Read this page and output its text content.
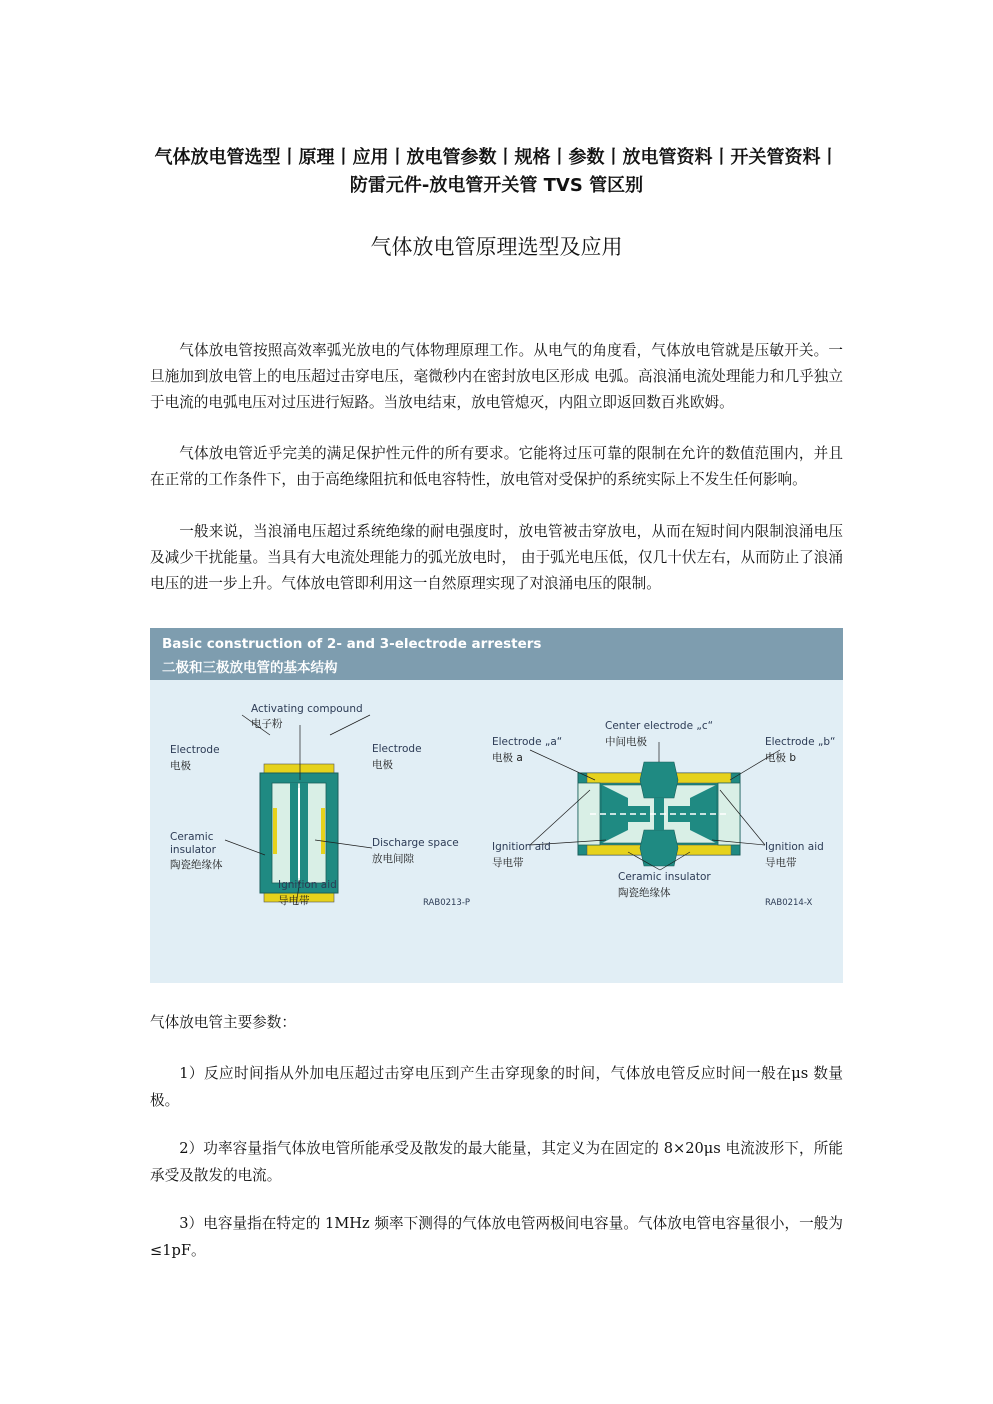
气体放电管选型丨原理丨应用丨放电管参数丨规格丨参数丨放电管资料丨开关管资料丨防雷元件-放电管开关管 TVS 管区别
气体放电管原理选型及应用

气体放电管按照高效率弧光放电的气体物理原理工作。从电气的角度看，气体放电管就是压敏开关。一旦施加到放电管上的电压超过击穿电压，毫微秒内在密封放电区形成 电弧。高浪涌电流处理能力和几乎独立于电流的电弧电压对过压进行短路。当放电结束，放电管熄灭，内阻立即返回数百兆欧姆。

气体放电管近乎完美的满足保护性元件的所有要求。它能将过压可靠的限制在允许的数值范围内，并且在正常的工作条件下，由于高绝缘阻抗和低电容特性，放电管对受保护的系统实际上不发生任何影响。

一般来说，当浪涌电压超过系统绝缘的耐电强度时，放电管被击穿放电，从而在短时间内限制浪涌电压及减少干扰能量。当具有大电流处理能力的弧光放电时， 由于弧光电压低，仅几十伏左右，从而防止了浪涌电压的进一步上升。气体放电管即利用这一自然原理实现了对浪涌电压的限制。

Basic construction of 2- and 3-electrode arresters
二极和三极放电管的基本结构
Activating compound
电子粉
Electrode
电极
Electrode
电极
Ceramic
insulator
陶瓷绝缘体
Discharge space
放电间隙
Ignition aid
导电带	RAB0213-P
Center electrode „c“
中间电极
Electrode „a“
电极 a
Electrode „b“
电极 b
Ignition aid
导电带
Ignition aid
导电带
Ceramic insulator
陶瓷绝缘体
RAB0214-X

气体放电管主要参数：

1）反应时间指从外加电压超过击穿电压到产生击穿现象的时间，气体放电管反应时间一般在μs 数量极。

2）功率容量指气体放电管所能承受及散发的最大能量，其定义为在固定的 8×20μs 电流波形下，所能承受及散发的电流。

3）电容量指在特定的 1MHz 频率下测得的气体放电管两极间电容量。气体放电管电容量很小，一般为≤1pF。
